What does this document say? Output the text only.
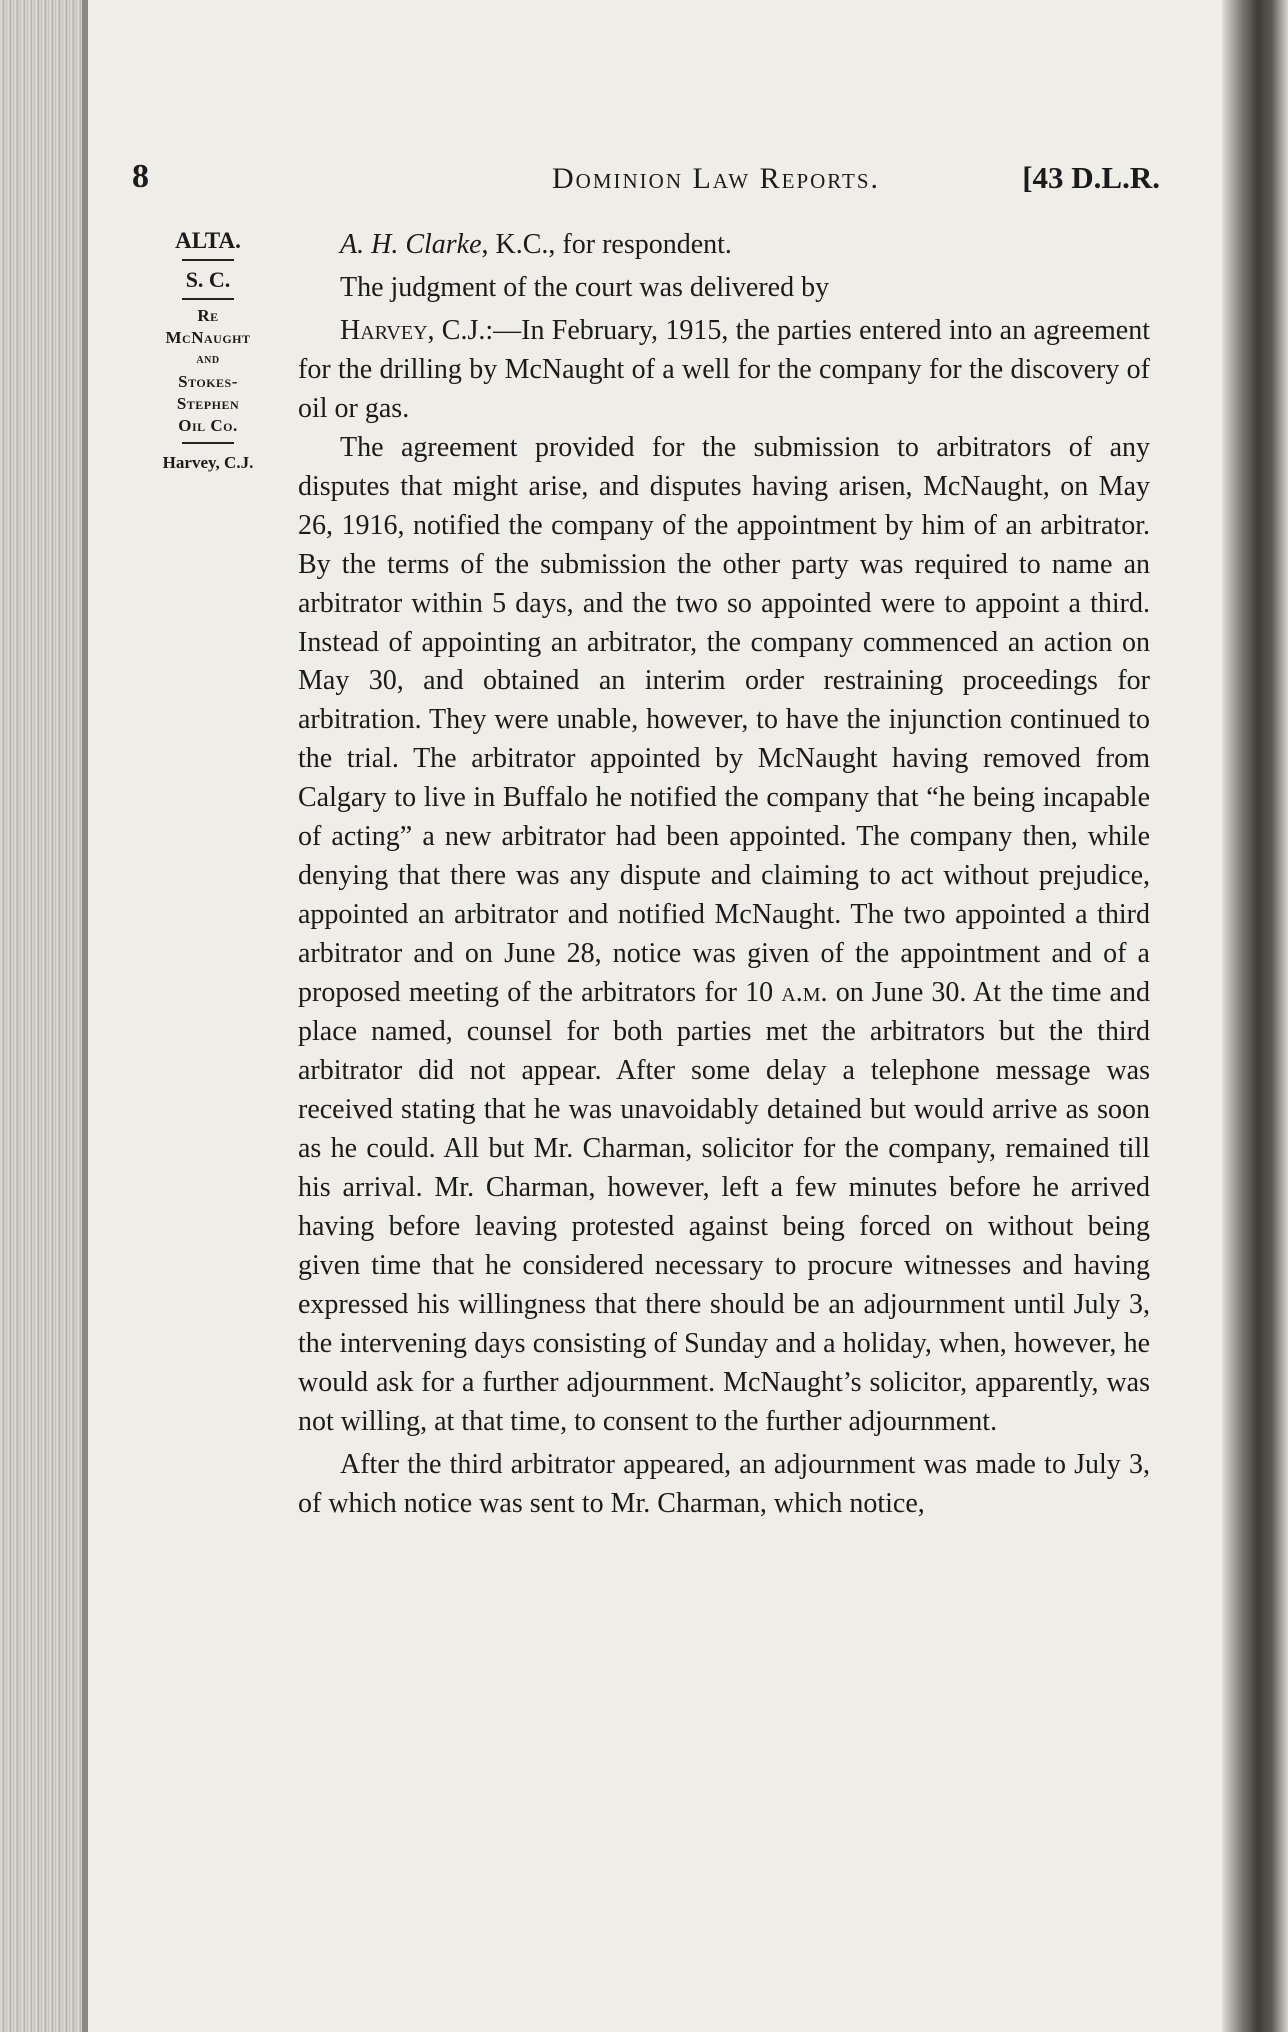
8	Dominion Law Reports.	[43 D.L.R.
ALTA.
S. C.
Re
McNaught
and
Stokes-
Stephen
Oil Co.
Harvey, C.J.

A. H. Clarke, K.C., for respondent.

The judgment of the court was delivered by

Harvey, C.J.:—In February, 1915, the parties entered into an agreement for the drilling by McNaught of a well for the company for the discovery of oil or gas.

The agreement provided for the submission to arbitrators of any disputes that might arise, and disputes having arisen, McNaught, on May 26, 1916, notified the company of the appointment by him of an arbitrator. By the terms of the submission the other party was required to name an arbitrator within 5 days, and the two so appointed were to appoint a third. Instead of appointing an arbitrator, the company commenced an action on May 30, and obtained an interim order restraining proceedings for arbitration. They were unable, however, to have the injunction continued to the trial. The arbitrator appointed by McNaught having removed from Calgary to live in Buffalo he notified the company that “he being incapable of acting” a new arbitrator had been appointed. The company then, while denying that there was any dispute and claiming to act without prejudice, appointed an arbitrator and notified McNaught. The two appointed a third arbitrator and on June 28, notice was given of the appointment and of a proposed meeting of the arbitrators for 10 a.m. on June 30. At the time and place named, counsel for both parties met the arbitrators but the third arbitrator did not appear. After some delay a telephone message was received stating that he was unavoidably detained but would arrive as soon as he could. All but Mr. Charman, solicitor for the company, remained till his arrival. Mr. Charman, however, left a few minutes before he arrived having before leaving protested against being forced on without being given time that he considered necessary to procure witnesses and having expressed his willingness that there should be an adjournment until July 3, the intervening days consisting of Sunday and a holiday, when, however, he would ask for a further adjournment. McNaught’s solicitor, apparently, was not willing, at that time, to consent to the further adjournment.

After the third arbitrator appeared, an adjournment was made to July 3, of which notice was sent to Mr. Charman, which notice,
